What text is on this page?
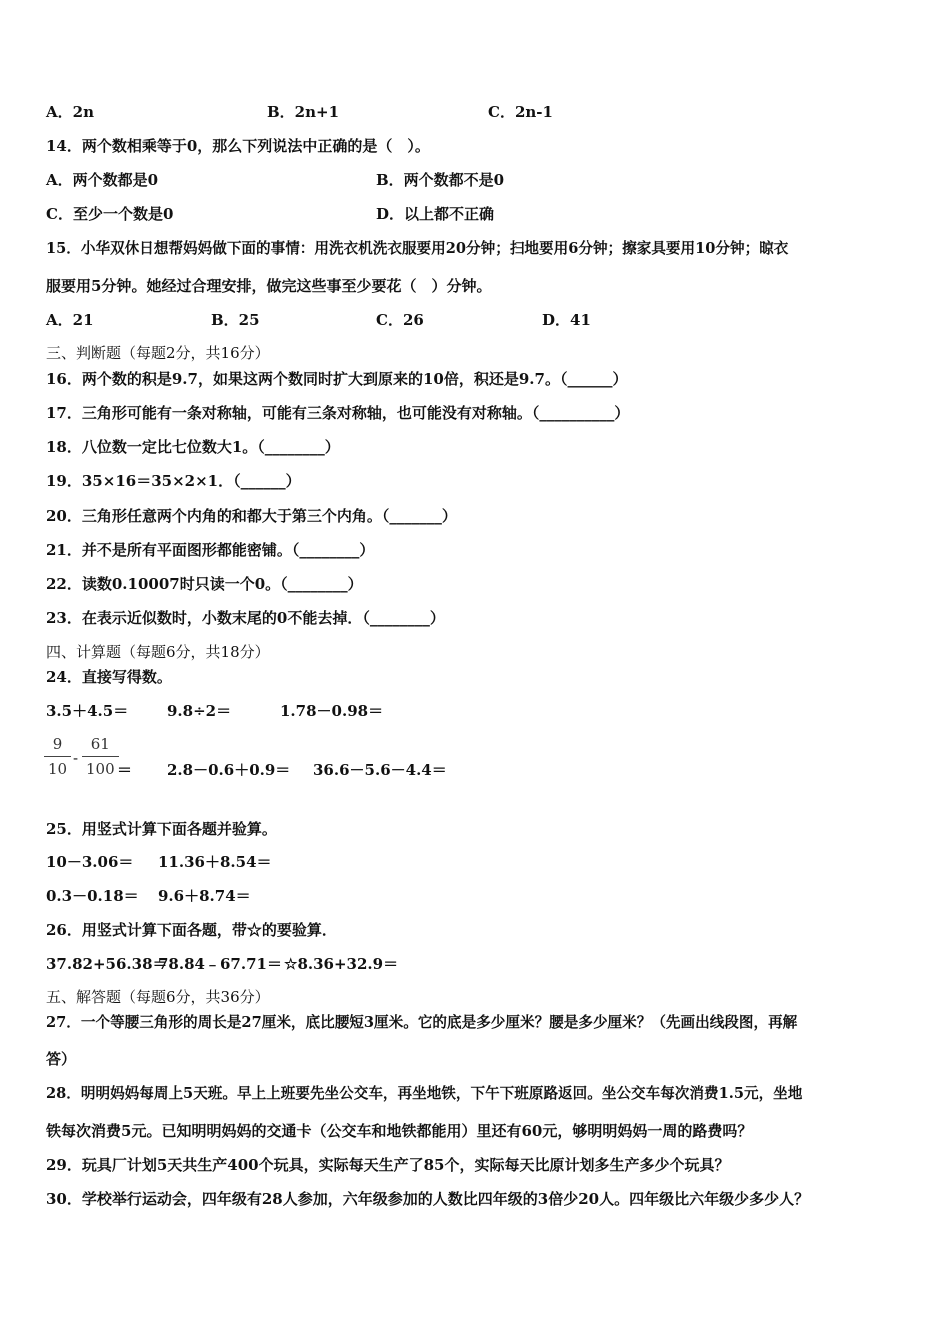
A．2n	B．2n+1	C．2n-1
14．两个数相乘等于0，那么下列说法中正确的是（　）。
A．两个数都是0	B．两个数都不是0
C．至少一个数是0	D．以上都不正确
15．小华双休日想帮妈妈做下面的事情：用洗衣机洗衣服要用20分钟；扫地要用6分钟；擦家具要用10分钟；晾衣
服要用5分钟。她经过合理安排，做完这些事至少要花（　）分钟。
A．21	B．25	C．26	D．41
三、判断题（每题2分，共16分）
16．两个数的积是9.7，如果这两个数同时扩大到原来的10倍，积还是9.7。（______）
17．三角形可能有一条对称轴，可能有三条对称轴，也可能没有对称轴。（__________）
18．八位数一定比七位数大1。（________）
19．35×16＝35×2×1．（______）
20．三角形任意两个内角的和都大于第三个内角。（_______）
21．并不是所有平面图形都能密铺。（________）
22．读数0.10007时只读一个0。（________）
23．在表示近似数时，小数末尾的0不能去掉．（________）
四、计算题（每题6分，共18分）
24．直接写得数。
3.5＋4.5＝	9.8÷2＝	1.78－0.98＝
9
10
-
61
100 ＝ 2.8－0.6＋0.9＝ 36.6－5.6－4.4＝
25．用竖式计算下面各题并验算。
10－3.06＝ 11.36＋8.54＝
0.3－0.18＝ 9.6＋8.74＝
26．用竖式计算下面各题，带☆的要验算．
37.82+56.38＝
78.84﹣67.71＝ ☆8.36+32.9＝
五、解答题（每题6分，共36分）
27．一个等腰三角形的周长是27厘米，底比腰短3厘米。它的底是多少厘米？腰是多少厘米？（先画出线段图，再解
答）
28．明明妈妈每周上5天班。早上上班要先坐公交车，再坐地铁，下午下班原路返回。坐公交车每次消费1.5元，坐地
铁每次消费5元。已知明明妈妈的交通卡（公交车和地铁都能用）里还有60元，够明明妈妈一周的路费吗？
29．玩具厂计划5天共生产400个玩具，实际每天生产了85个，实际每天比原计划多生产多少个玩具？
30．学校举行运动会，四年级有28人参加，六年级参加的人数比四年级的3倍少20人。四年级比六年级少多少人？
